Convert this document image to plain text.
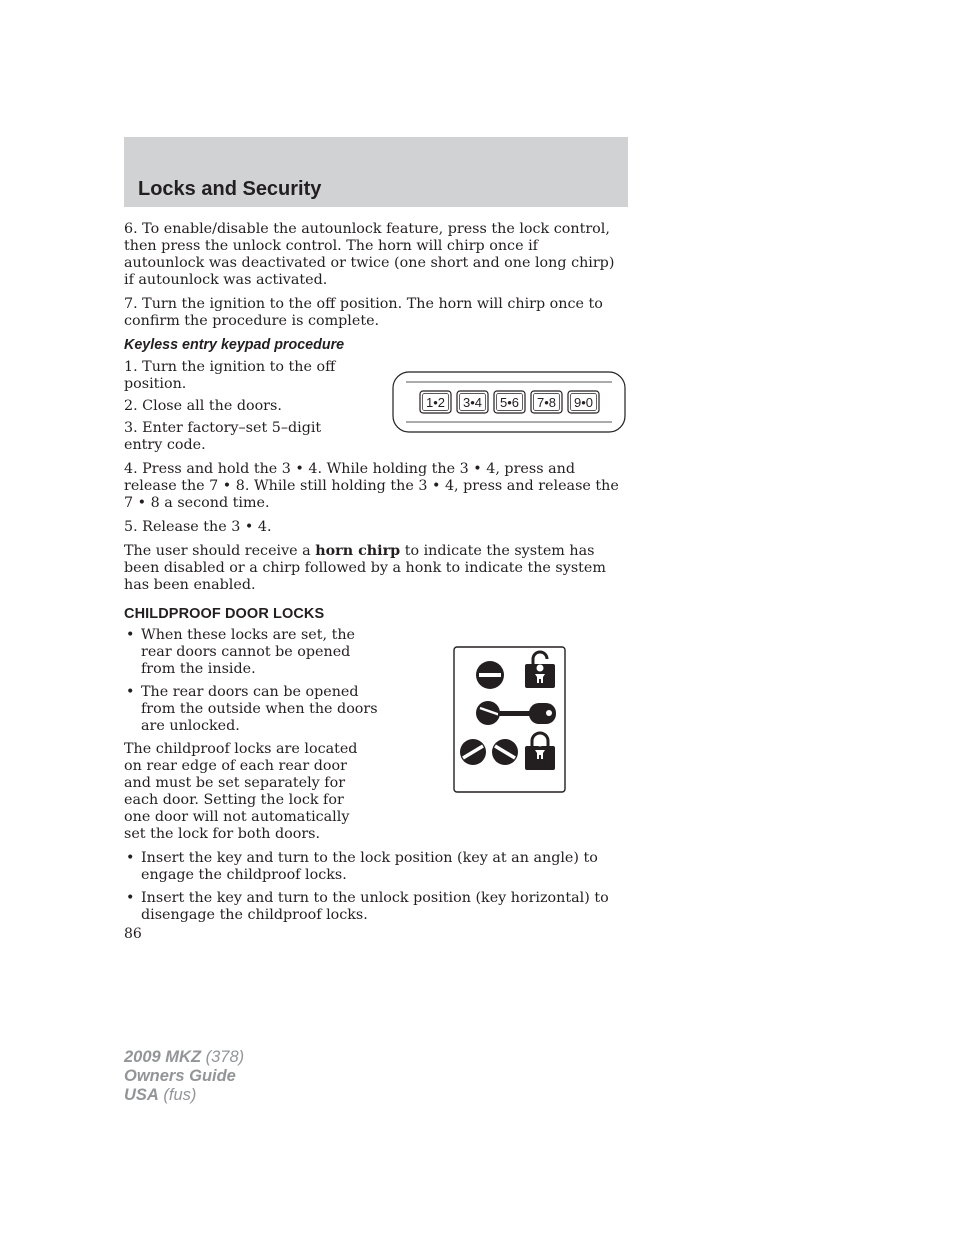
Locks and Security

6. To enable/disable the autounlock feature, press the lock control, then press the unlock control. The horn will chirp once if autounlock was deactivated or twice (one short and one long chirp) if autounlock was activated.

7. Turn the ignition to the off position. The horn will chirp once to confirm the procedure is complete.

Keyless entry keypad procedure

1. Turn the ignition to the off position.

2. Close all the doors.

3. Enter factory–set 5–digit entry code.

4. Press and hold the 3 • 4. While holding the 3 • 4, press and release the 7 • 8. While still holding the 3 • 4, press and release the 7 • 8 a second time.

5. Release the 3 • 4.

The user should receive a horn chirp to indicate the system has been disabled or a chirp followed by a honk to indicate the system has been enabled.

CHILDPROOF DOOR LOCKS
• When these locks are set, the rear doors cannot be opened from the inside.
• The rear doors can be opened from the outside when the doors are unlocked.

The childproof locks are located on rear edge of each rear door and must be set separately for each door. Setting the lock for one door will not automatically set the lock for both doors.

• Insert the key and turn to the lock position (key at an angle) to engage the childproof locks.
• Insert the key and turn to the unlock position (key horizontal) to disengage the childproof locks.
1•2 3•4 5•6 7•8 9•0
86
2009 MKZ (378)
Owners Guide
USA (fus)
